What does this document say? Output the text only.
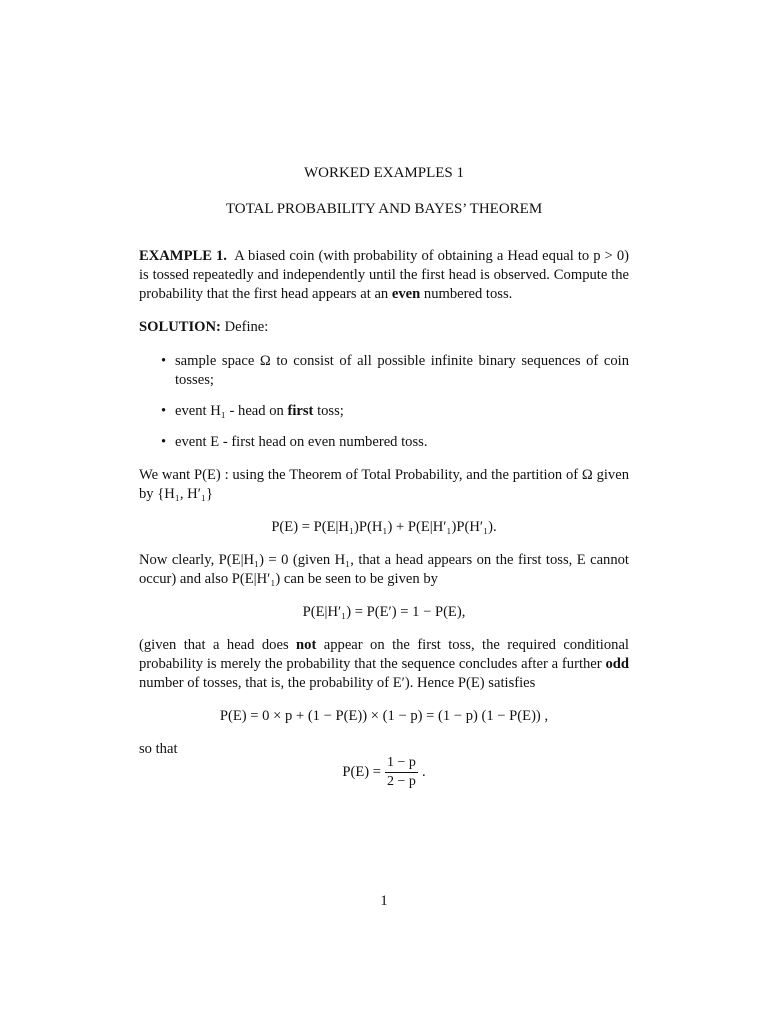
WORKED EXAMPLES 1
TOTAL PROBABILITY AND BAYES’ THEOREM

EXAMPLE 1. A biased coin (with probability of obtaining a Head equal to p > 0) is tossed repeatedly and independently until the first head is observed. Compute the probability that the first head appears at an even numbered toss.

SOLUTION: Define:

• sample space Ω to consist of all possible infinite binary sequences of coin tosses;
• event H₁ - head on first toss;
• event E - first head on even numbered toss.

We want P(E) : using the Theorem of Total Probability, and the partition of Ω given by {H₁, H′₁}

P(E) = P(E|H₁)P(H₁) + P(E|H′₁)P(H′₁).

Now clearly, P(E|H₁) = 0 (given H₁, that a head appears on the first toss, E cannot occur) and also P(E|H′₁) can be seen to be given by

P(E|H′₁) = P(E′) = 1 − P(E),

(given that a head does not appear on the first toss, the required conditional probability is merely the probability that the sequence concludes after a further odd number of tosses, that is, the probability of E′). Hence P(E) satisfies

P(E) = 0 × p + (1 − P(E)) × (1 − p) = (1 − p) (1 − P(E)) ,

so that

$P(E) = \frac{1 - p}{2 - p}$ .
1
